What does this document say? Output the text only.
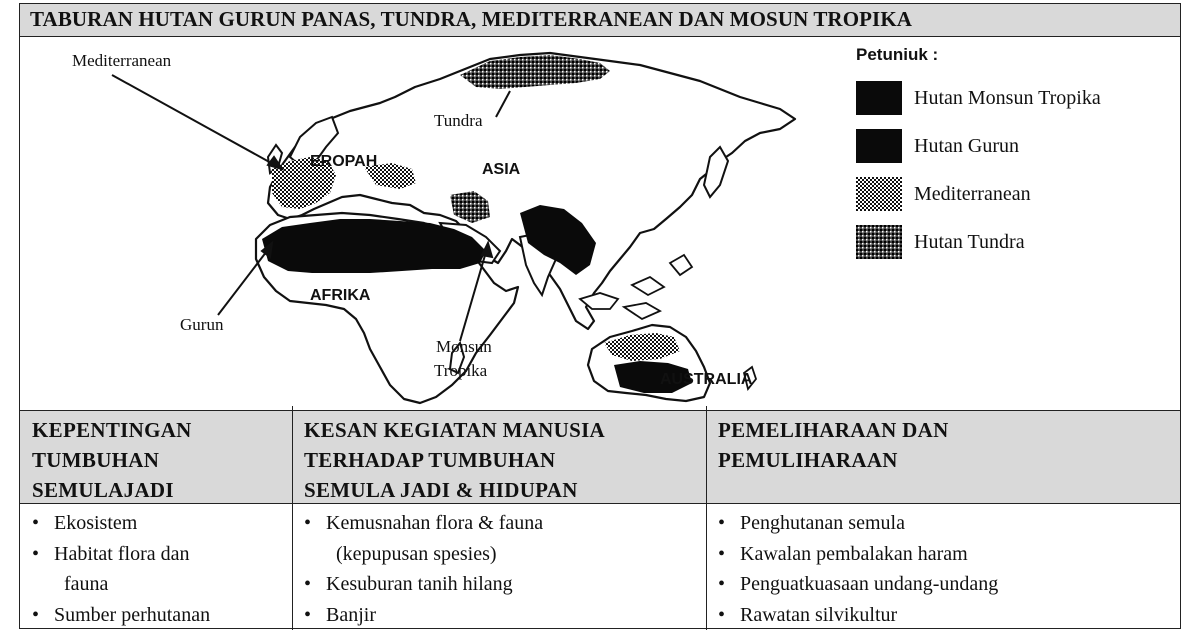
TABURAN HUTAN GURUN PANAS, TUNDRA, MEDITERRANEAN DAN MOSUN TROPIKA
Mediterranean
Tundra
EROPAH	ASIA
AFRIKA
Gurun
Monsun
Tropika	AUSTRALIA
Petuniuk :
Hutan Monsun Tropika
Hutan Gurun
Mediterranean
Hutan Tundra
KEPENTINGAN
TUMBUHAN
SEMULAJADI
KESAN KEGIATAN MANUSIA
TERHADAP TUMBUHAN
SEMULA JADI & HIDUPAN
PEMELIHARAAN DAN
PEMULIHARAAN
• Ekosistem
• Habitat flora dan
fauna
• Sumber perhutanan
• Kemusnahan flora & fauna
(kepupusan spesies)
• Kesuburan tanih hilang
• Banjir
• Penghutanan semula
• Kawalan pembalakan haram
• Penguatkuasaan undang-undang
• Rawatan silvikultur
